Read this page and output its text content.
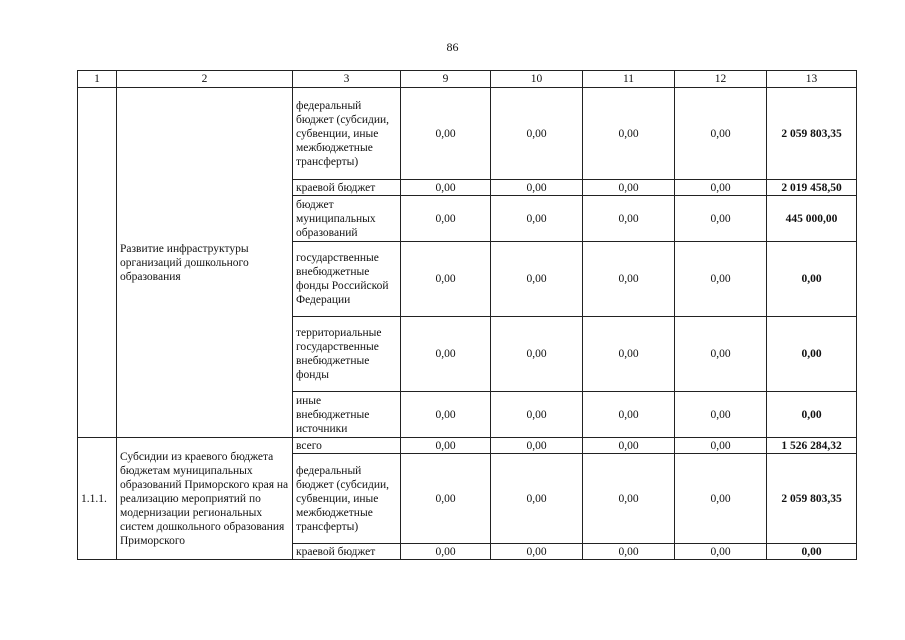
86
1	2	3	9	10	11	12	13
	Развитие инфраструктуры организаций дошкольного образования	федеральный бюджет (субсидии, субвенции, иные межбюджетные трансферты)	0,00	0,00	0,00	0,00	2 059 803,35
		краевой бюджет	0,00	0,00	0,00	0,00	2 019 458,50
		бюджет муниципальных образований	0,00	0,00	0,00	0,00	445 000,00
		государственные внебюджетные фонды Российской Федерации	0,00	0,00	0,00	0,00	0,00
		территориальные государственные внебюджетные фонды	0,00	0,00	0,00	0,00	0,00
		иные внебюджетные источники	0,00	0,00	0,00	0,00	0,00
1.1.1.	Субсидии из краевого бюджета бюджетам муниципальных образований Приморского края на реализацию мероприятий по модернизации региональных систем дошкольного образования Приморского	всего	0,00	0,00	0,00	0,00	1 526 284,32
		федеральный бюджет (субсидии, субвенции, иные межбюджетные трансферты)	0,00	0,00	0,00	0,00	2 059 803,35
		краевой бюджет	0,00	0,00	0,00	0,00	0,00
